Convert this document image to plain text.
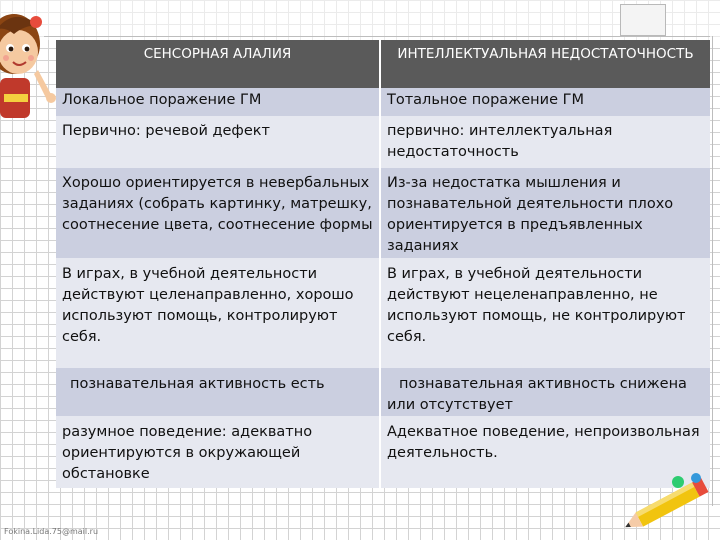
СЕНСОРНАЯ АЛАЛИЯ	ИНТЕЛЛЕКТУАЛЬНАЯ НЕДОСТАТОЧНОСТЬ
Локальное поражение ГМ	Тотальное поражение ГМ
Первично: речевой дефект	первично: интеллектуальная недостаточность
Хорошо ориентируется в невербальных заданиях (собрать картинку, матрешку, соотнесение цвета, соотнесение формы	Из-за недостатка мышления и познавательной деятельности плохо ориентируется в предъявленных заданиях
В играх, в учебной деятельности действуют целенаправленно, хорошо используют помощь, контролируют себя.	В играх, в учебной деятельности действуют нецеленаправленно, не используют помощь, не контролируют себя.
познавательная активность есть	познавательная активность снижена или отсутствует
разумное поведение: адекватно ориентируются в окружающей обстановке	Адекватное поведение, непроизвольная деятельность.
Fokina.Lida.75@mail.ru
